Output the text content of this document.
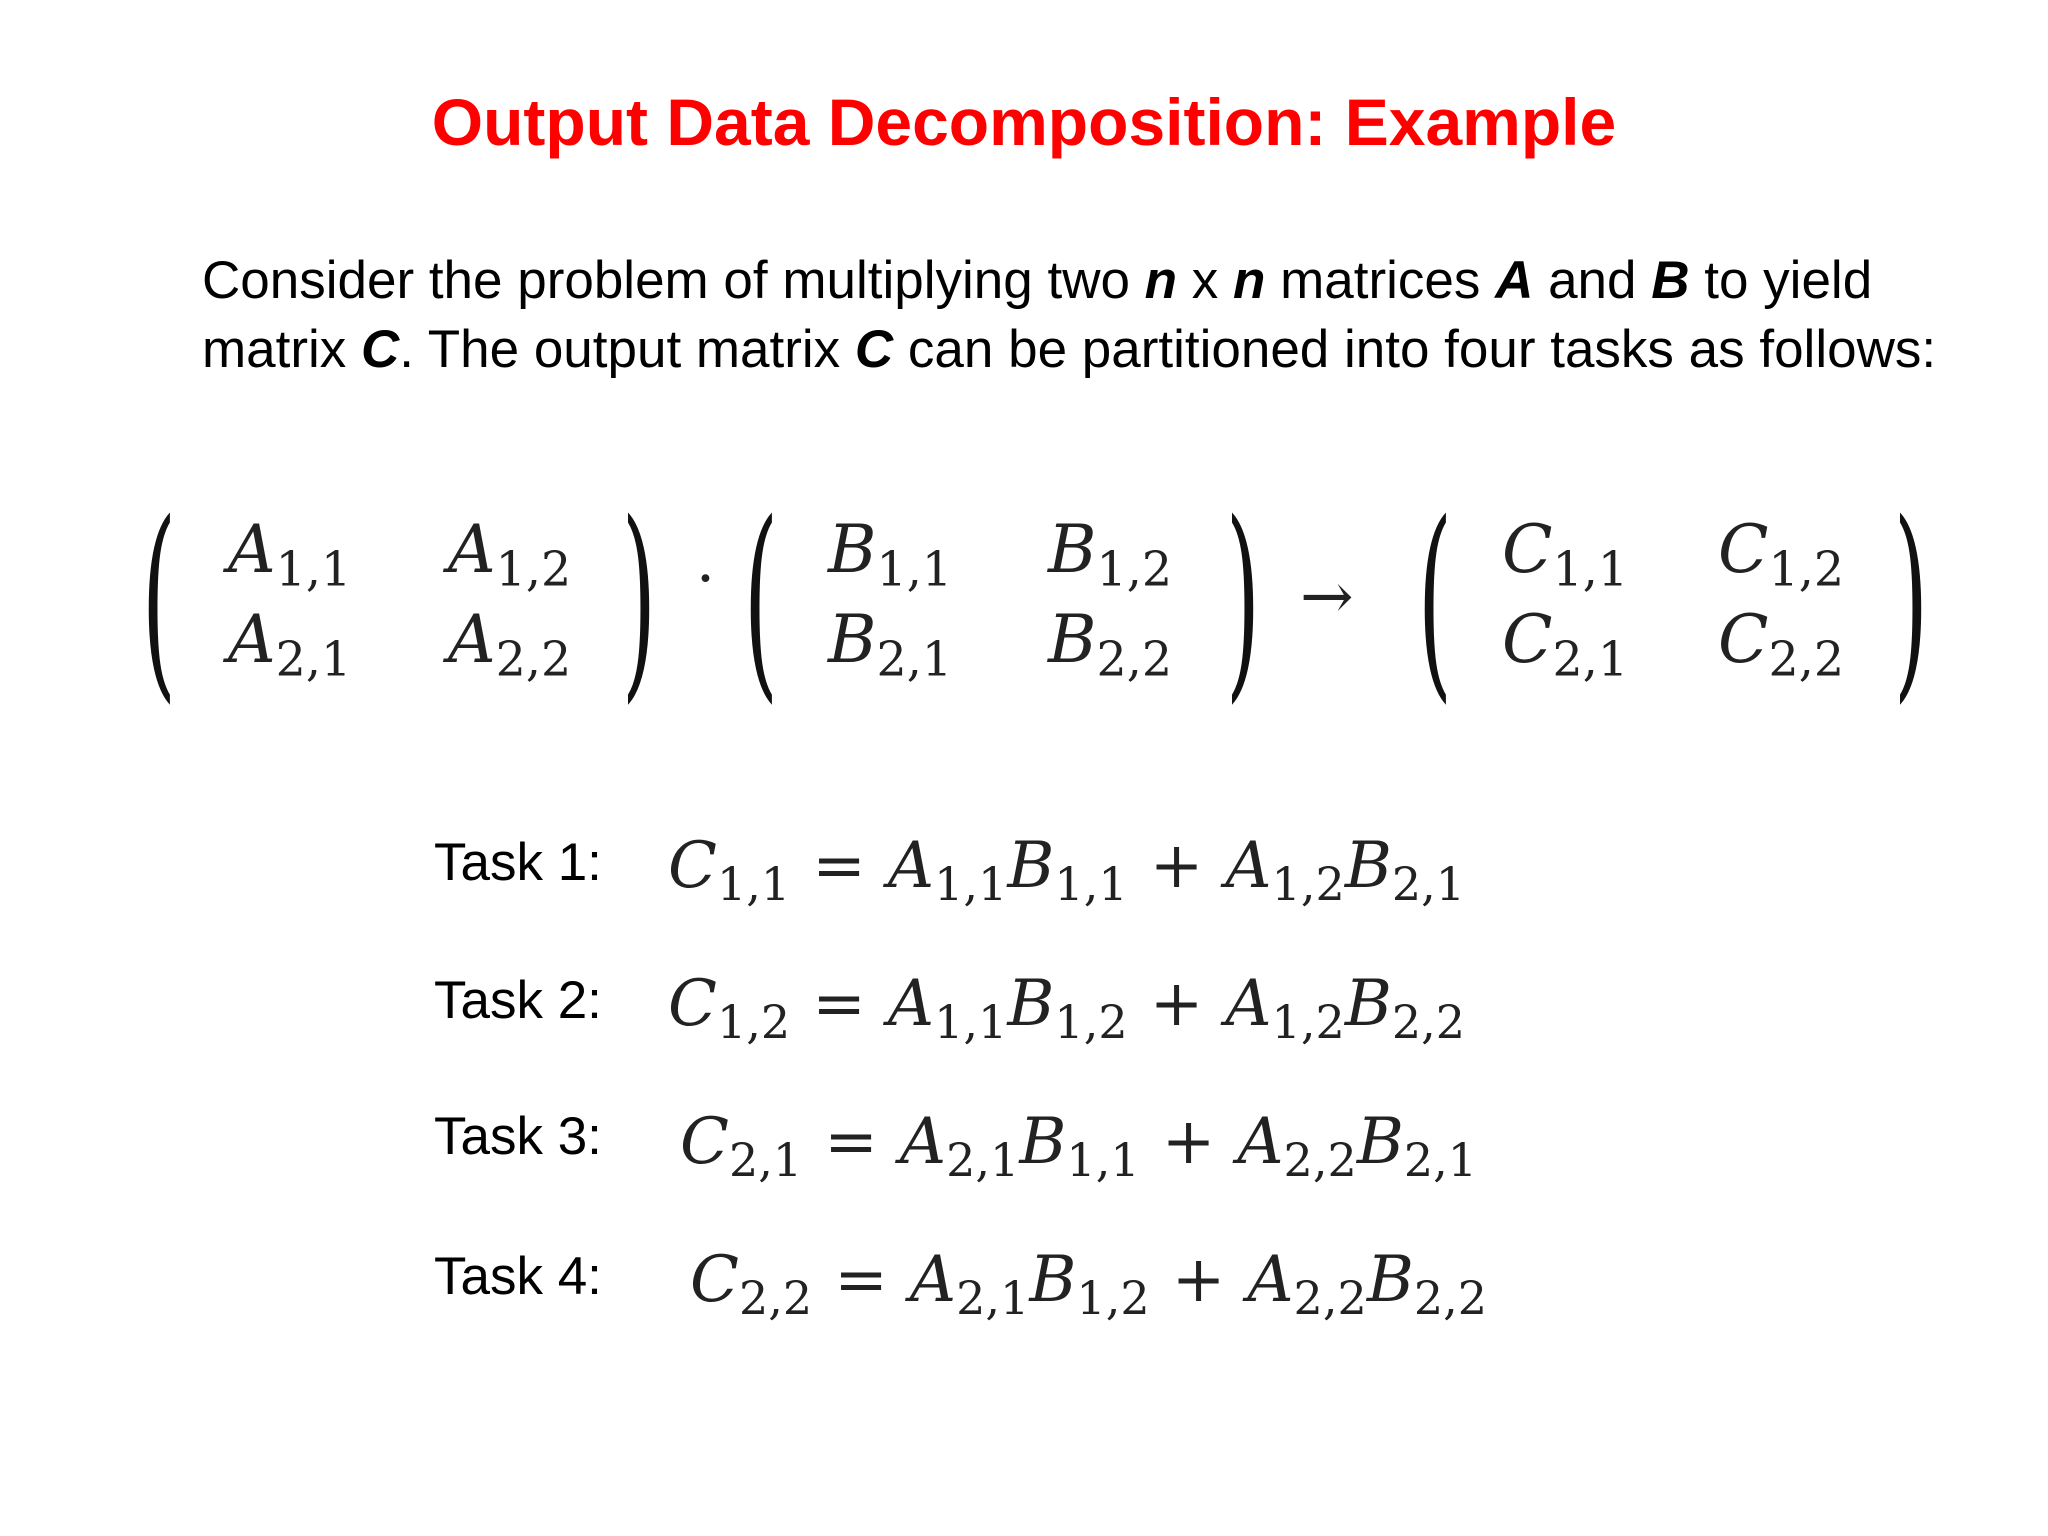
Output Data Decomposition: Example

Consider the problem of multiplying two n x n matrices A and B to yield matrix C. The output matrix C can be partitioned into four tasks as follows:

( $A_{1,1}$ $A_{1,2}$
$A_{2,1}$ $A_{2,2}$ ) · ( $B_{1,1}$ $B_{1,2}$
$B_{2,1}$ $B_{2,2}$ ) → ( $C_{1,1}$ $C_{1,2}$
$C_{2,1}$ $C_{2,2}$ )
Task 1: $C_{1,1} = A_{1,1}B_{1,1} + A_{1,2}B_{2,1}$
Task 2: $C_{1,2} = A_{1,1}B_{1,2} + A_{1,2}B_{2,2}$
Task 3: $C_{2,1} = A_{2,1}B_{1,1} + A_{2,2}B_{2,1}$
Task 4: $C_{2,2} = A_{2,1}B_{1,2} + A_{2,2}B_{2,2}$
